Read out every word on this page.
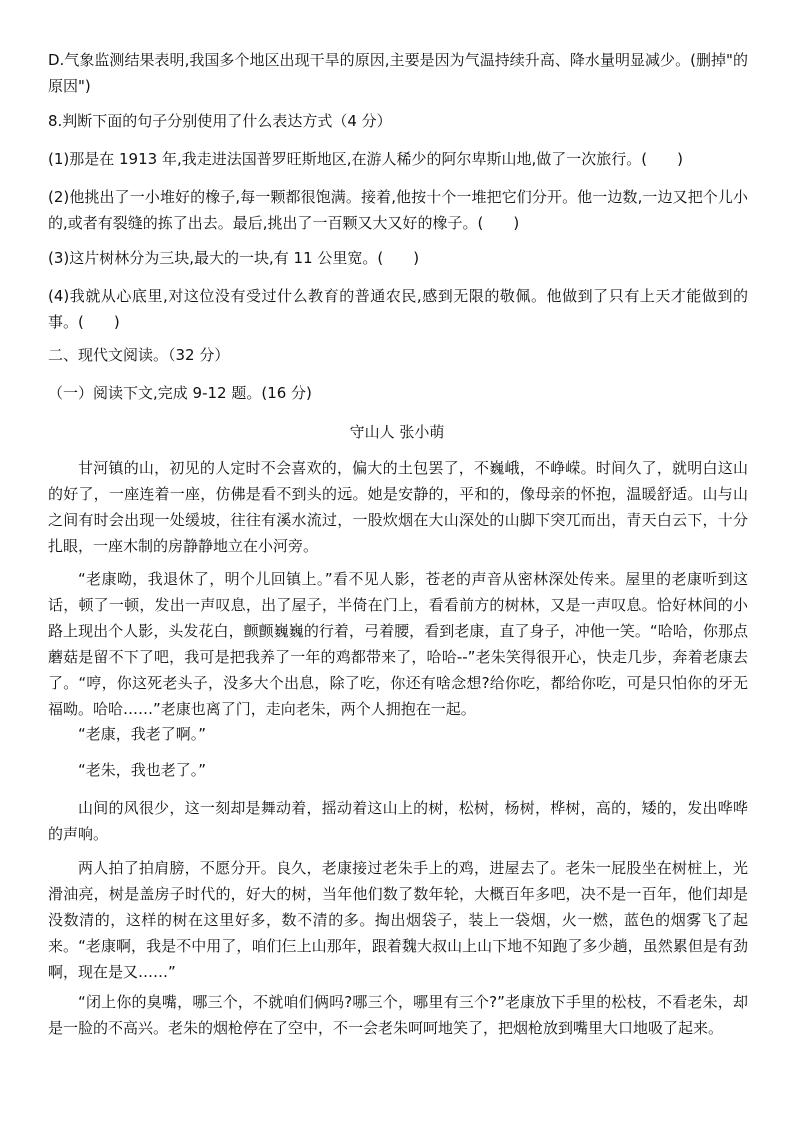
D.气象监测结果表明,我国多个地区出现干旱的原因,主要是因为气温持续升高、降水量明显减少。(删掉"的原因")

8.判断下面的句子分别使用了什么表达方式（4 分）

(1)那是在 1913 年,我走进法国普罗旺斯地区,在游人稀少的阿尔卑斯山地,做了一次旅行。(　　)

(2)他挑出了一小堆好的橡子,每一颗都很饱满。接着,他按十个一堆把它们分开。他一边数,一边又把个儿小的,或者有裂缝的拣了出去。最后,挑出了一百颗又大又好的橡子。(　　)

(3)这片树林分为三块,最大的一块,有 11 公里宽。(　　)

(4)我就从心底里,对这位没有受过什么教育的普通农民,感到无限的敬佩。他做到了只有上天才能做到的事。(　　)

二、现代文阅读。（32 分）

（一）阅读下文,完成 9-12 题。(16 分)

守山人 张小萌

甘河镇的山，初见的人定时不会喜欢的，偏大的土包罢了，不巍峨，不峥嵘。时间久了，就明白这山的好了，一座连着一座，仿佛是看不到头的远。她是安静的，平和的，像母亲的怀抱，温暖舒适。山与山之间有时会出现一处缓坡，往往有溪水流过，一股炊烟在大山深处的山脚下突兀而出，青天白云下，十分扎眼，一座木制的房静静地立在小河旁。

“老康呦，我退休了，明个儿回镇上。”看不见人影，苍老的声音从密林深处传来。屋里的老康听到这话，顿了一顿，发出一声叹息，出了屋子，半倚在门上，看看前方的树林，又是一声叹息。恰好林间的小路上现出个人影，头发花白，颤颤巍巍的行着，弓着腰，看到老康，直了身子，冲他一笑。“哈哈，你那点蘑菇是留不下了吧，我可是把我养了一年的鸡都带来了，哈哈--”老朱笑得很开心，快走几步，奔着老康去了。“哼，你这死老头子，没多大个出息，除了吃，你还有啥念想?给你吃，都给你吃，可是只怕你的牙无福呦。哈哈……”老康也离了门，走向老朱，两个人拥抱在一起。

“老康，我老了啊。”

“老朱，我也老了。”

山间的风很少，这一刻却是舞动着，摇动着这山上的树，松树，杨树，桦树，高的，矮的，发出哗哗的声响。

两人拍了拍肩膀，不愿分开。良久，老康接过老朱手上的鸡，进屋去了。老朱一屁股坐在树桩上，光滑油亮，树是盖房子时代的，好大的树，当年他们数了数年轮，大概百年多吧，决不是一百年，他们却是没数清的，这样的树在这里好多，数不清的多。掏出烟袋子，装上一袋烟，火一燃，蓝色的烟雾飞了起来。“老康啊，我是不中用了，咱们仨上山那年，跟着魏大叔山上山下地不知跑了多少趟，虽然累但是有劲啊，现在是又……”

“闭上你的臭嘴，哪三个，不就咱们俩吗?哪三个，哪里有三个?”老康放下手里的松枝，不看老朱，却是一脸的不高兴。老朱的烟枪停在了空中，不一会老朱呵呵地笑了，把烟枪放到嘴里大口地吸了起来。
